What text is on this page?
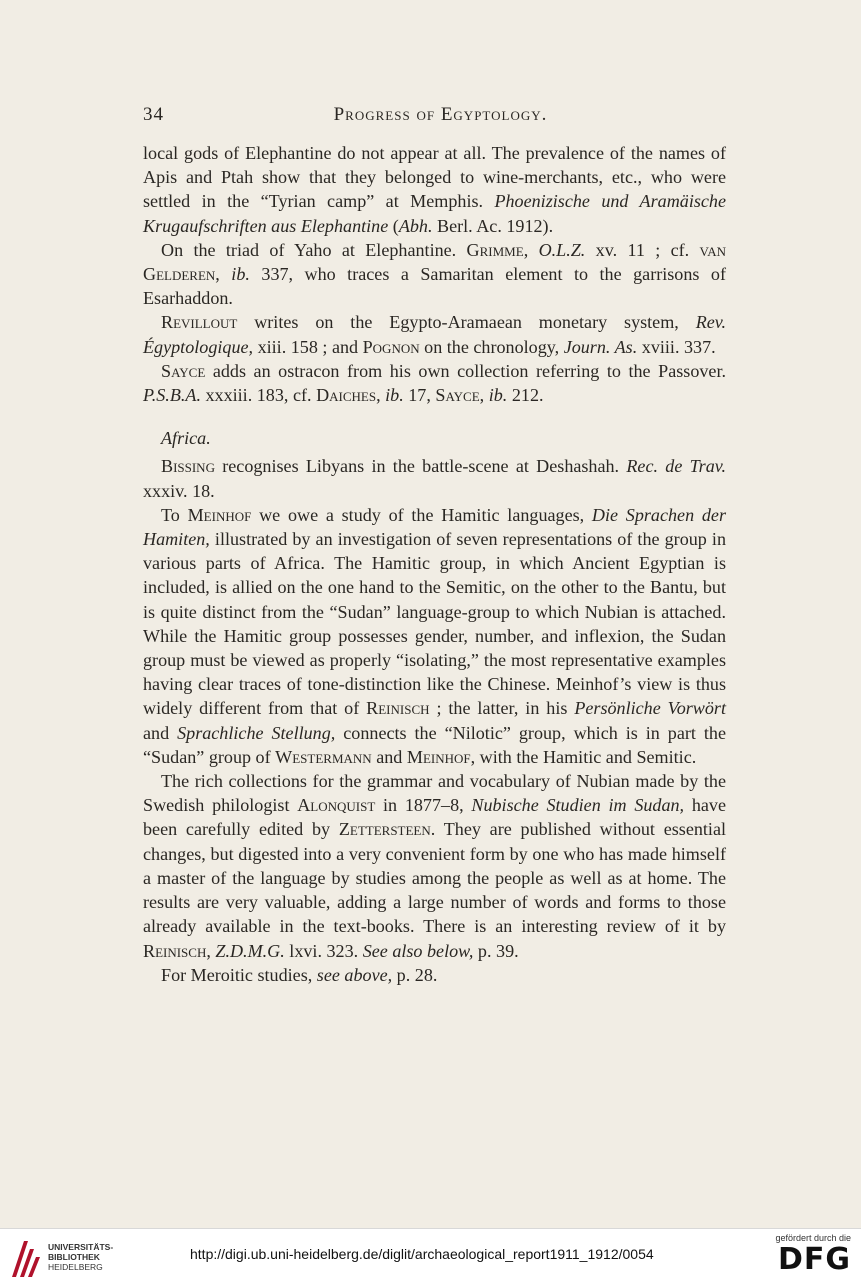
34	Progress of Egyptology.

local gods of Elephantine do not appear at all. The prevalence of the names of Apis and Ptah show that they belonged to wine-merchants, etc., who were settled in the “Tyrian camp” at Memphis. Phoenizische und Aramäische Krugaufschriften aus Elephantine (Abh. Berl. Ac. 1912).

On the triad of Yaho at Elephantine. Grimme, O.L.Z. xv. 11 ; cf. van Gelderen, ib. 337, who traces a Samaritan element to the garrisons of Esarhaddon.

Revillout writes on the Egypto-Aramaean monetary system, Rev. Égyptologique, xiii. 158 ; and Pognon on the chronology, Journ. As. xviii. 337.

Sayce adds an ostracon from his own collection referring to the Passover. P.S.B.A. xxxiii. 183, cf. Daiches, ib. 17, Sayce, ib. 212.

Africa.

Bissing recognises Libyans in the battle-scene at Deshashah. Rec. de Trav. xxxiv. 18.

To Meinhof we owe a study of the Hamitic languages, Die Sprachen der Hamiten, illustrated by an investigation of seven representations of the group in various parts of Africa. The Hamitic group, in which Ancient Egyptian is included, is allied on the one hand to the Semitic, on the other to the Bantu, but is quite distinct from the “Sudan” language-group to which Nubian is attached. While the Hamitic group possesses gender, number, and inflexion, the Sudan group must be viewed as properly “isolating,” the most representative examples having clear traces of tone-distinction like the Chinese. Meinhof’s view is thus widely different from that of Reinisch ; the latter, in his Persönliche Vorwört and Sprachliche Stellung, connects the “Nilotic” group, which is in part the “Sudan” group of Westermann and Meinhof, with the Hamitic and Semitic.

The rich collections for the grammar and vocabulary of Nubian made by the Swedish philologist Alonquist in 1877–8, Nubische Studien im Sudan, have been carefully edited by Zettersteen. They are published without essential changes, but digested into a very convenient form by one who has made himself a master of the language by studies among the people as well as at home. The results are very valuable, adding a large number of words and forms to those already available in the text-books. There is an interesting review of it by Reinisch, Z.D.M.G. lxvi. 323. See also below, p. 39.

For Meroitic studies, see above, p. 28.

UNIVERSITÄTS-
BIBLIOTHEK
HEIDELBERG
http://digi.ub.uni-heidelberg.de/diglit/archaeological_report1911_1912/0054
gefördert durch die
DFG
